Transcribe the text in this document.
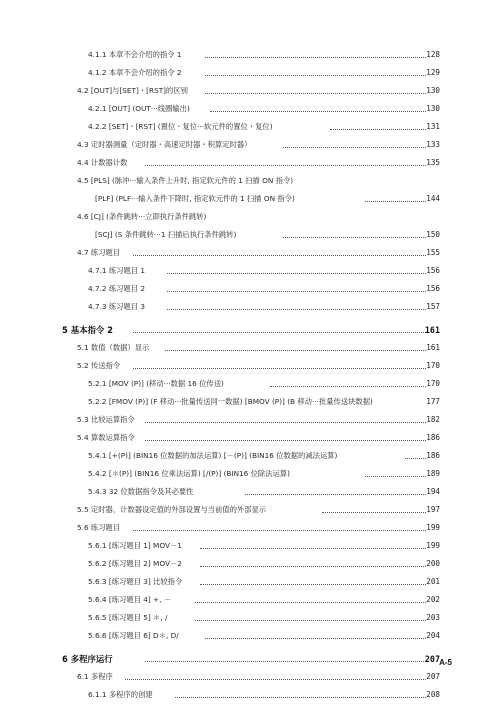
4.1.1 本章不会介绍的指令 1	128
4.1.2 本章不会介绍的指令 2	129
4.2 [OUT]与[SET]・[RST]的区别	130
4.2.1 [OUT] (OUT···线圈输出)	130
4.2.2 [SET]・[RST] (置位・复位···软元件的置位・复位)	131
4.3 定时器测量（定时器・高速定时器・积算定时器）	133
4.4 计数器计数	135
4.5 [PLS] (脉冲···输入条件上升时, 指定软元件的 1 扫描 ON 指令)
[PLF] (PLF···输入条件下降时, 指定软元件的 1 扫描 ON 指令)	144
4.6 [CJ] (条件跳转···立即执行条件跳转)
[SCJ] (S 条件跳转···1 扫描后执行条件跳转)	150
4.7 练习题目	155
4.7.1 练习题目 1	156
4.7.2 练习题目 2	156
4.7.3 练习题目 3	157
5 基本指令 2	161
5.1 数值（数据）显示	161
5.2 传送指令	170
5.2.1 [MOV (P)] (移动···数据 16 位传送)	170
5.2.2 [FMOV (P)] (F 移动···批量传送同一数据) [BMOV (P)] (B 移动···批量传送块数据)	177
5.3 比较运算指令	182
5.4 算数运算指令	186
5.4.1 [+(P)] (BIN16 位数据的加法运算) [－(P)] (BIN16 位数据的减法运算)	186
5.4.2 [＊(P)] (BIN16 位乘法运算) [/(P)] (BIN16 位除法运算)	189
5.4.3 32 位数据指令及其必要性	194
5.5 定时器、计数器设定值的外部设置与当前值的外部显示	197
5.6 练习题目	199
5.6.1 [练习题目 1] MOV－1	199
5.6.2 [练习题目 2] MOV－2	200
5.6.3 [练习题目 3] 比较指令	201
5.6.4 [练习题目 4] +, －	202
5.6.5 [练习题目 5] ＊, /	203
5.6.6 [练习题目 6] D＊, D/	204
6 多程序运行	207
6.1 多程序	207
6.1.1 多程序的创建	208
A-5
